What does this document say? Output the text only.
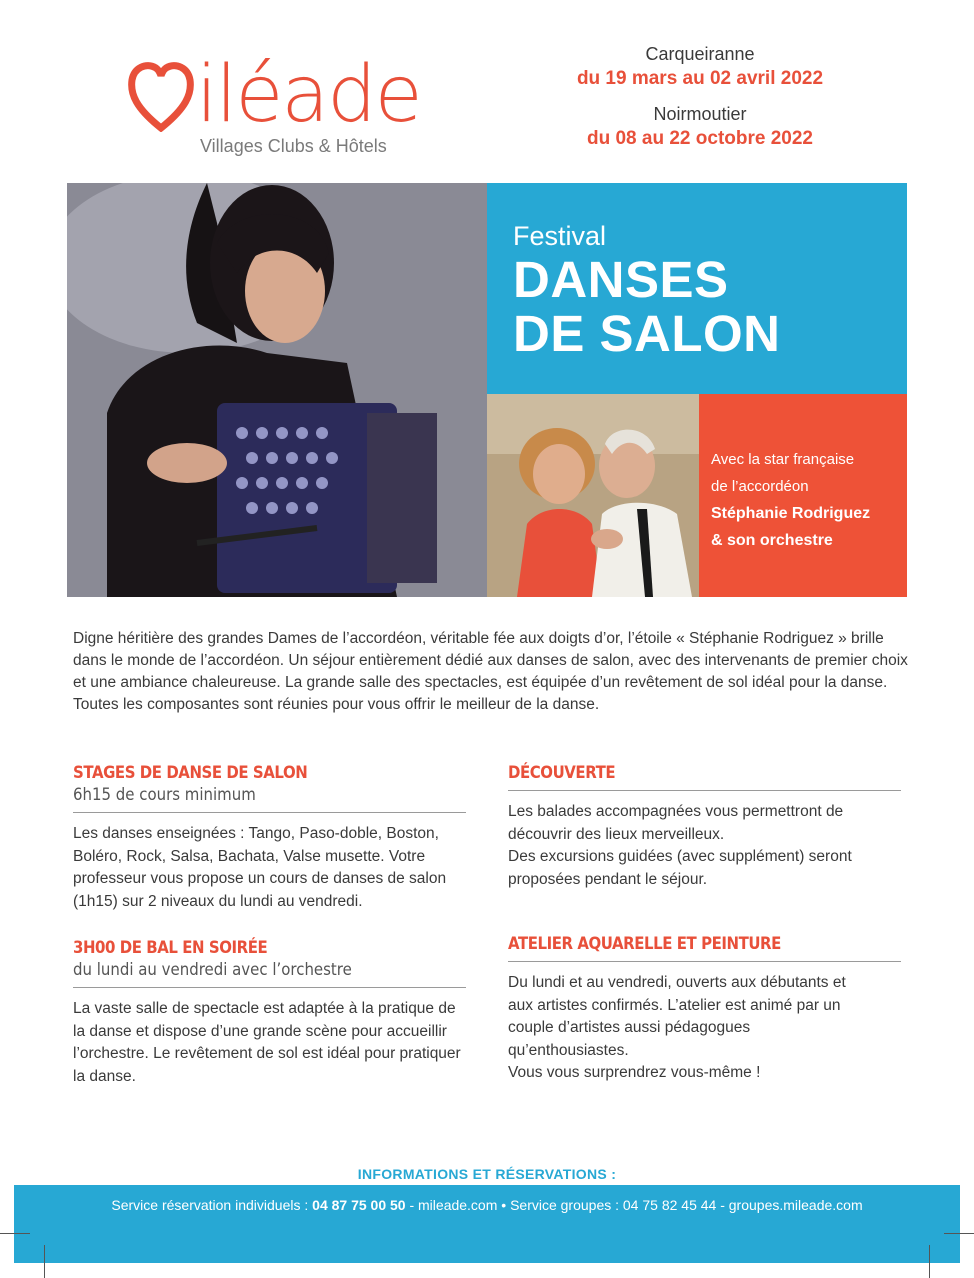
iléade
Villages Clubs & Hôtels
Carqueiranne
du 19 mars au 02 avril 2022
Noirmoutier
du 08 au 22 octobre 2022
Festival
DANSES
DE SALON
Avec la star française
de l’accordéon
Stéphanie Rodriguez
& son orchestre
Digne héritière des grandes Dames de l’accordéon, véritable fée aux doigts d’or, l’étoile « Stéphanie Rodriguez » brille dans le monde de l’accordéon. Un séjour entièrement dédié aux danses de salon, avec des intervenants de premier choix et une ambiance chaleureuse. La grande salle des spectacles, est équipée d’un revêtement de sol idéal pour la danse. Toutes les composantes sont réunies pour vous offrir le meilleur de la danse.
STAGES DE DANSE DE SALON
6h15 de cours minimum
Les danses enseignées : Tango, Paso-doble, Boston, Boléro, Rock, Salsa, Bachata, Valse musette. Votre professeur vous propose un cours de danses de salon (1h15) sur 2 niveaux du lundi au vendredi.
3H00 DE BAL EN SOIRÉE
du lundi au vendredi avec l’orchestre
La vaste salle de spectacle est adaptée à la pratique de la danse et dispose d’une grande scène pour accueillir l’orchestre. Le revêtement de sol est idéal pour pratiquer la danse.
DÉCOUVERTE
Les balades accompagnées vous permettront de découvrir des lieux merveilleux.
Des excursions guidées (avec supplément) seront proposées pendant le séjour.
ATELIER AQUARELLE ET PEINTURE
Du lundi et au vendredi, ouverts aux débutants et aux artistes confirmés. L’atelier est animé par un couple d’artistes aussi pédagogues qu’enthousiastes.
Vous vous surprendrez vous-même !
INFORMATIONS ET RÉSERVATIONS :
Service réservation individuels : 04 87 75 00 50 - mileade.com • Service groupes : 04 75 82 45 44 - groupes.mileade.com
